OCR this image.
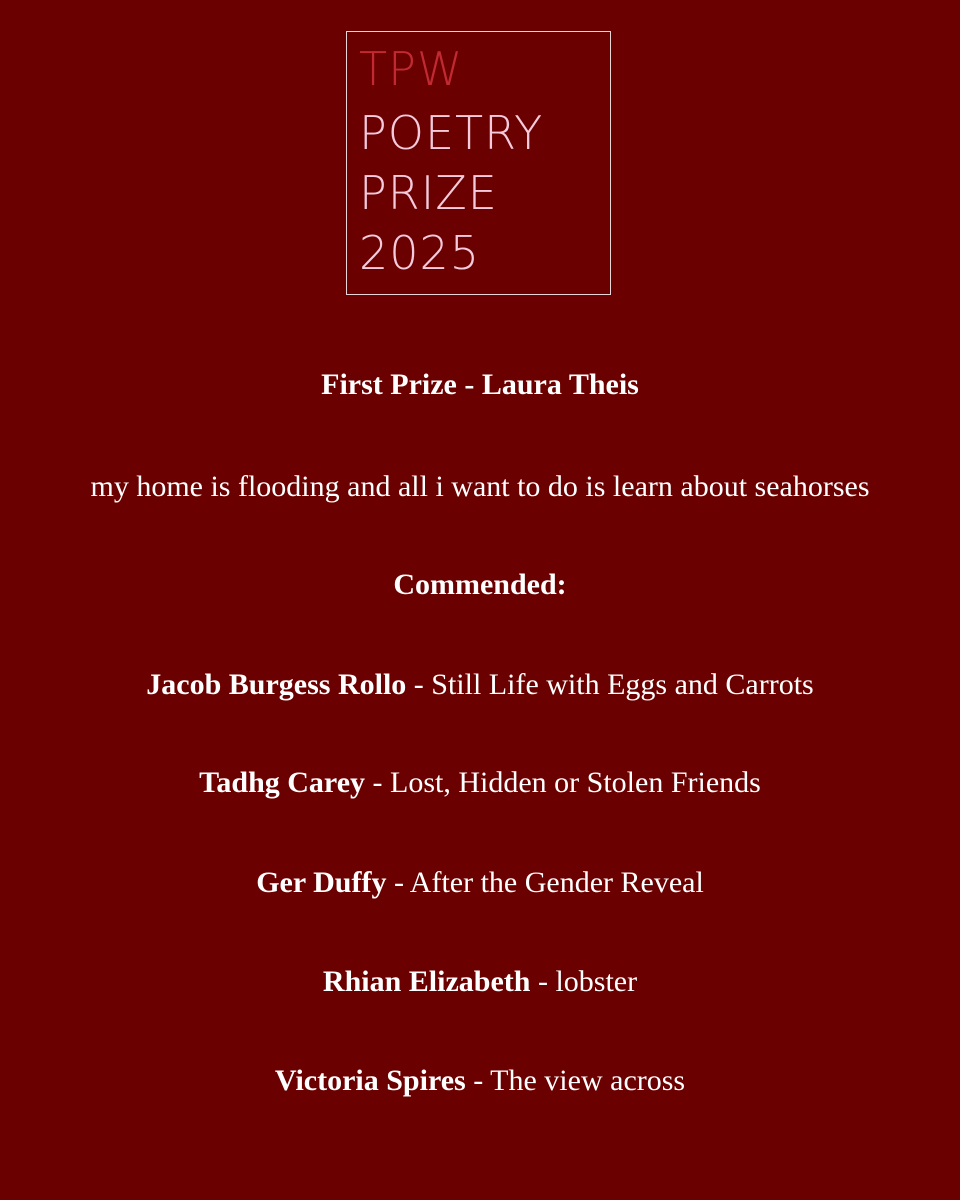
TPW
POETRY
PRIZE
2025
First Prize - Laura Theis
my home is flooding and all i want to do is learn about seahorses
Commended:
Jacob Burgess Rollo - Still Life with Eggs and Carrots
Tadhg Carey - Lost, Hidden or Stolen Friends
Ger Duffy - After the Gender Reveal
Rhian Elizabeth - lobster
Victoria Spires - The view across
